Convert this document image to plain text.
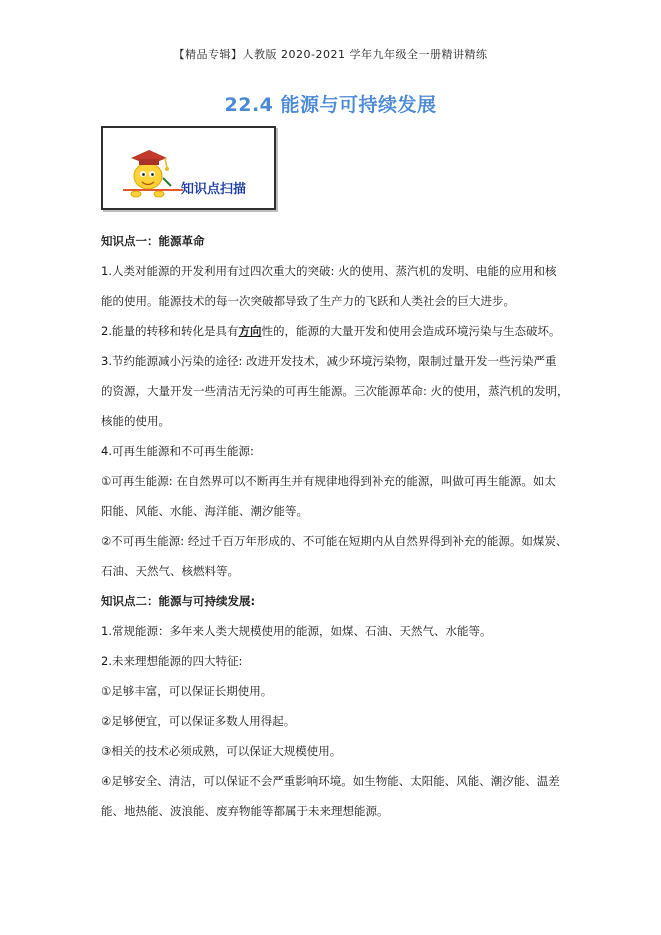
【精品专辑】人教版 2020-2021 学年九年级全一册精讲精练
22.4 能源与可持续发展
知识点扫描

知识点一：能源革命

1.人类对能源的开发利用有过四次重大的突破: 火的使用、蒸汽机的发明、电能的应用和核

能的使用。能源技术的每一次突破都导致了生产力的飞跃和人类社会的巨大进步。

2.能量的转移和转化是具有方向性的，能源的大量开发和使用会造成环境污染与生态破坏。

3.节约能源减小污染的途径: 改进开发技术，减少环境污染物，限制过量开发一些污染严重

的资源，大量开发一些清洁无污染的可再生能源。三次能源革命: 火的使用，蒸汽机的发明，

核能的使用。

4.可再生能源和不可再生能源:

①可再生能源: 在自然界可以不断再生并有规律地得到补充的能源，叫做可再生能源。如太

阳能、风能、水能、海洋能、潮汐能等。

②不可再生能源: 经过千百万年形成的、不可能在短期内从自然界得到补充的能源。如煤炭、

石油、天然气、核燃料等。

知识点二：能源与可持续发展:

1.常规能源：多年来人类大规模使用的能源，如煤、石油、天然气、水能等。

2.未来理想能源的四大特征:

①足够丰富，可以保证长期使用。

②足够便宜，可以保证多数人用得起。

③相关的技术必须成熟，可以保证大规模使用。

④足够安全、清洁，可以保证不会严重影响环境。如生物能、太阳能、风能、潮汐能、温差

能、地热能、波浪能、废弃物能等都属于未来理想能源。
